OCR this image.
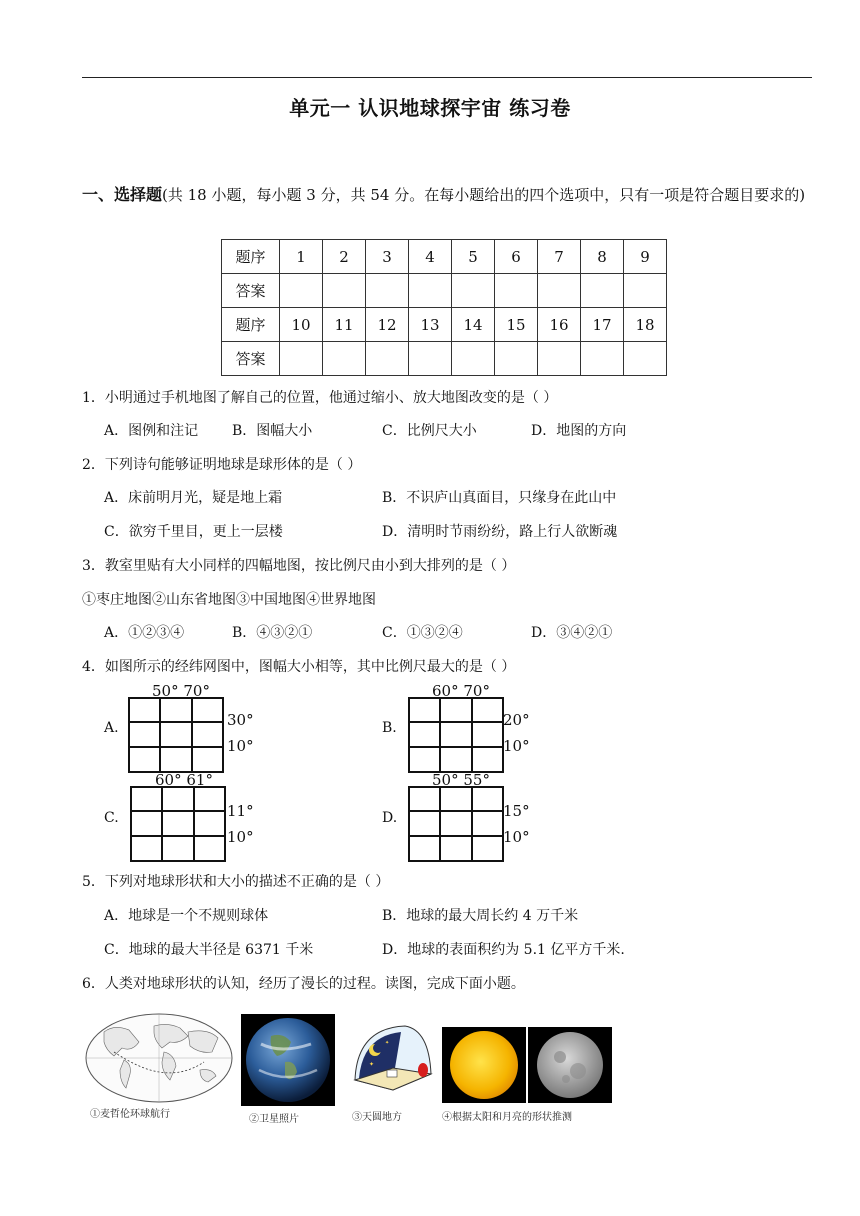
单元一 认识地球探宇宙 练习卷
一、选择题(共 18 小题，每小题 3 分，共 54 分。在每小题给出的四个选项中，只有一项是符合题目要求的)
题序	1	2	3	4	5	6	7	8	9
答案									
题序	10	11	12	13	14	15	16	17	18
答案									
1．小明通过手机地图了解自己的位置，他通过缩小、放大地图改变的是（ ）
A．图例和注记 B．图幅大小	C．比例尺大小	D．地图的方向
2．下列诗句能够证明地球是球形体的是（ ）
A．床前明月光，疑是地上霜	B．不识庐山真面目，只缘身在此山中
C．欲穷千里目，更上一层楼	D．清明时节雨纷纷，路上行人欲断魂
3．教室里贴有大小同样的四幅地图，按比例尺由小到大排列的是（ ）
①枣庄地图②山东省地图③中国地图④世界地图
A．①②③④	B．④③②①	C．①③②④	D．③④②①
4．如图所示的经纬网图中，图幅大小相等，其中比例尺最大的是（ ）
A.
50° 70°
30°
10°
B.
60° 70°
20°
10°
C.
60° 61°
11°
10°
D.
50° 55°
15°
10°
5．下列对地球形状和大小的描述不正确的是（ ）
A．地球是一个不规则球体	B．地球的最大周长约 4 万千米
C．地球的最大半径是 6371 千米	D．地球的表面积约为 5.1 亿平方千米.
6．人类对地球形状的认知，经历了漫长的过程。读图，完成下面小题。
①麦哲伦环球航行	②卫星照片
✦
✦
③天圆地方	④根据太阳和月亮的形状推测
